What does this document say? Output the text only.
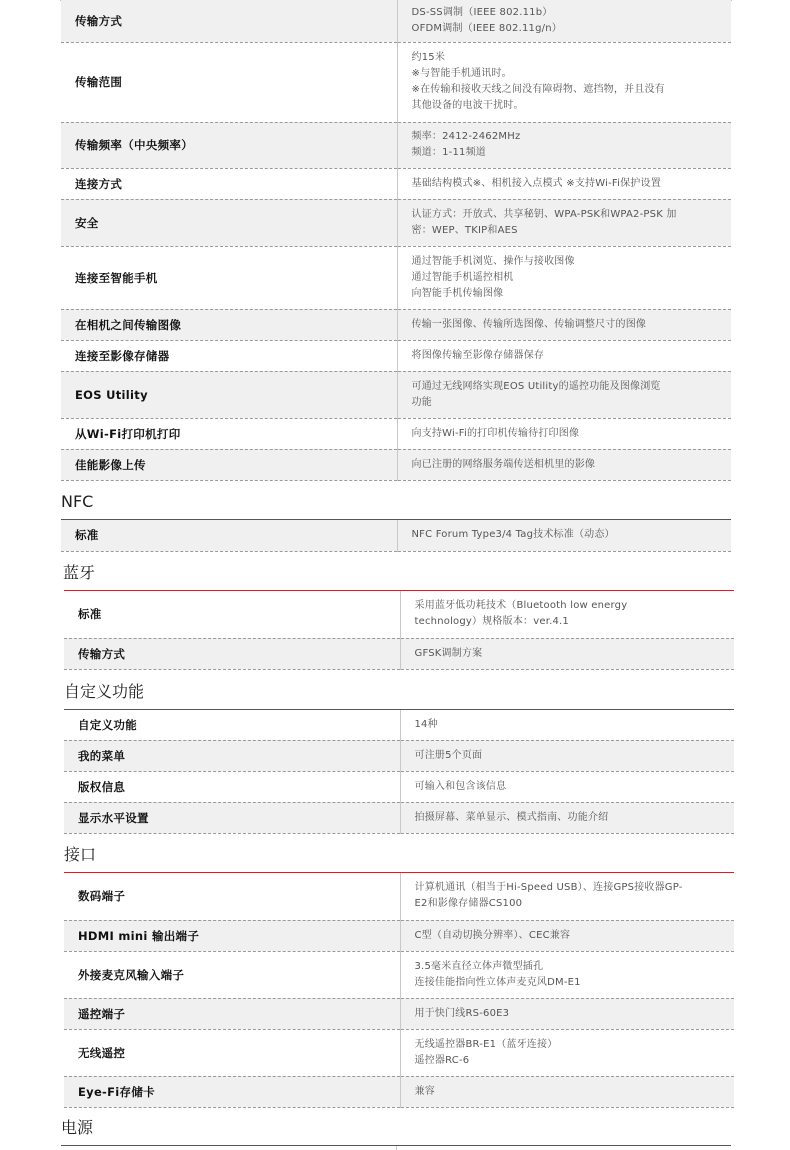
传输方式	DS-SS调制（IEEE 802.11b）
OFDM调制（IEEE 802.11g/n）

传输范围	约15米
※与智能手机通讯时。
※在传输和接收天线之间没有障碍物、遮挡物，并且没有
其他设备的电波干扰时。

传输频率（中央频率）	频率：2412-2462MHz
频道：1-11频道

连接方式	基础结构模式※、相机接入点模式 ※支持Wi-Fi保护设置

安全	认证方式：开放式、共享秘钥、WPA-PSK和WPA2-PSK 加
密：WEP、TKIP和AES

连接至智能手机	通过智能手机浏览、操作与接收图像
通过智能手机遥控相机
向智能手机传输图像

在相机之间传输图像	传输一张图像、传输所选图像、传输调整尺寸的图像

连接至影像存储器	将图像传输至影像存储器保存

EOS Utility	可通过无线网络实现EOS Utility的遥控功能及图像浏览
功能

从Wi-Fi打印机打印	向支持Wi-Fi的打印机传输待打印图像

佳能影像上传	向已注册的网络服务端传送相机里的影像
NFC
标准	NFC Forum Type3/4 Tag技术标准（动态）
蓝牙
标准	采用蓝牙低功耗技术（Bluetooth low energy
technology）规格版本：ver.4.1

传输方式	GFSK调制方案
自定义功能
自定义功能	14种

我的菜单	可注册5个页面

版权信息	可输入和包含该信息

显示水平设置	拍摄屏幕、菜单显示、模式指南、功能介绍
接口
数码端子	计算机通讯（相当于Hi-Speed USB）、连接GPS接收器GP-
E2和影像存储器CS100

HDMI mini 输出端子	C型（自动切换分辨率）、CEC兼容

外接麦克风输入端子	3.5毫米直径立体声微型插孔
连接佳能指向性立体声麦克风DM-E1

遥控端子	用于快门线RS-60E3

无线遥控	无线遥控器BR-E1（蓝牙连接）
遥控器RC-6

Eye-Fi存储卡	兼容
电源
